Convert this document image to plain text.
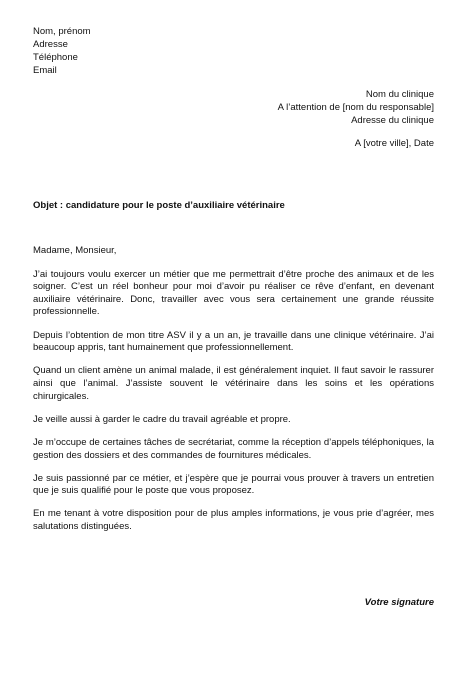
Nom, prénom
Adresse
Téléphone
Email
Nom du clinique
A l’attention de [nom du responsable]
Adresse du clinique
A [votre ville], Date
Objet : candidature pour le poste d’auxiliaire vétérinaire

Madame, Monsieur,

J’ai toujours voulu exercer un métier que me permettrait d’être proche des animaux et de les soigner. C’est un réel bonheur pour moi d’avoir pu réaliser ce rêve d’enfant, en devenant auxiliaire vétérinaire. Donc, travailler avec vous sera certainement une grande réussite professionnelle.

Depuis l’obtention de mon titre ASV il y a un an, je travaille dans une clinique vétérinaire. J’ai beaucoup appris, tant humainement que professionnellement.

Quand un client amène un animal malade, il est généralement inquiet. Il faut savoir le rassurer ainsi que l’animal. J’assiste souvent le vétérinaire dans les soins et les opérations chirurgicales.

Je veille aussi à garder le cadre du travail agréable et propre.

Je m’occupe de certaines tâches de secrétariat, comme la réception d’appels téléphoniques, la gestion des dossiers et des commandes de fournitures médicales.

Je suis passionné par ce métier, et j’espère que je pourrai vous prouver à travers un entretien que je suis qualifié pour le poste que vous proposez.

En me tenant à votre disposition pour de plus amples informations, je vous prie d’agréer, mes salutations distinguées.

Votre signature
